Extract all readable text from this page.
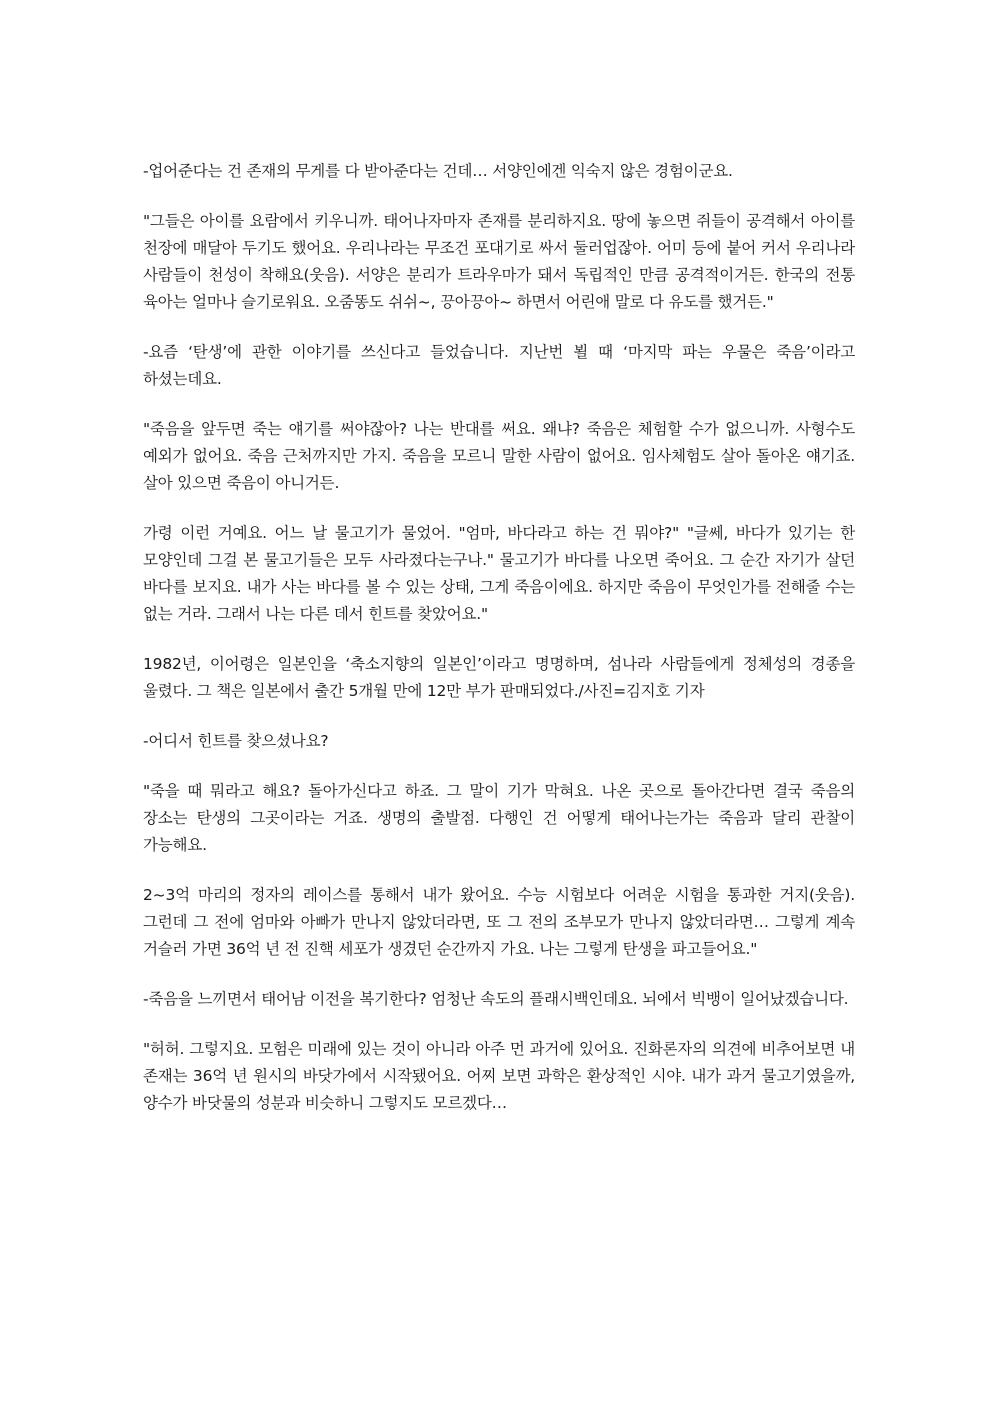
-업어준다는 건 존재의 무게를 다 받아준다는 건데… 서양인에겐 익숙지 않은 경험이군요.

"그들은 아이를 요람에서 키우니까. 태어나자마자 존재를 분리하지요. 땅에 놓으면 쥐들이 공격해서 아이를 천장에 매달아 두기도 했어요. 우리나라는 무조건 포대기로 싸서 둘러업잖아. 어미 등에 붙어 커서 우리나라 사람들이 천성이 착해요(웃음). 서양은 분리가 트라우마가 돼서 독립적인 만큼 공격적이거든. 한국의 전통 육아는 얼마나 슬기로워요. 오줌똥도 쉬쉬~, 끙아끙아~ 하면서 어린애 말로 다 유도를 했거든."

-요즘 ‘탄생’에 관한 이야기를 쓰신다고 들었습니다. 지난번 뵐 때 ‘마지막 파는 우물은 죽음’이라고 하셨는데요.

"죽음을 앞두면 죽는 얘기를 써야잖아? 나는 반대를 써요. 왜냐? 죽음은 체험할 수가 없으니까. 사형수도 예외가 없어요. 죽음 근처까지만 가지. 죽음을 모르니 말한 사람이 없어요. 임사체험도 살아 돌아온 얘기죠. 살아 있으면 죽음이 아니거든.

가령 이런 거예요. 어느 날 물고기가 물었어. "엄마, 바다라고 하는 건 뭐야?" "글쎄, 바다가 있기는 한 모양인데 그걸 본 물고기들은 모두 사라졌다는구나." 물고기가 바다를 나오면 죽어요. 그 순간 자기가 살던 바다를 보지요. 내가 사는 바다를 볼 수 있는 상태, 그게 죽음이에요. 하지만 죽음이 무엇인가를 전해줄 수는 없는 거라. 그래서 나는 다른 데서 힌트를 찾았어요."

1982년, 이어령은 일본인을 ‘축소지향의 일본인’이라고 명명하며, 섬나라 사람들에게 정체성의 경종을 울렸다. 그 책은 일본에서 출간 5개월 만에 12만 부가 판매되었다./사진=김지호 기자

-어디서 힌트를 찾으셨나요?

"죽을 때 뭐라고 해요? 돌아가신다고 하죠. 그 말이 기가 막혀요. 나온 곳으로 돌아간다면 결국 죽음의 장소는 탄생의 그곳이라는 거죠. 생명의 출발점. 다행인 건 어떻게 태어나는가는 죽음과 달리 관찰이 가능해요.

2~3억 마리의 정자의 레이스를 통해서 내가 왔어요. 수능 시험보다 어려운 시험을 통과한 거지(웃음). 그런데 그 전에 엄마와 아빠가 만나지 않았더라면, 또 그 전의 조부모가 만나지 않았더라면… 그렇게 계속 거슬러 가면 36억 년 전 진핵 세포가 생겼던 순간까지 가요. 나는 그렇게 탄생을 파고들어요."

-죽음을 느끼면서 태어남 이전을 복기한다? 엄청난 속도의 플래시백인데요. 뇌에서 빅뱅이 일어났겠습니다.

"허허. 그렇지요. 모험은 미래에 있는 것이 아니라 아주 먼 과거에 있어요. 진화론자의 의견에 비추어보면 내 존재는 36억 년 원시의 바닷가에서 시작됐어요. 어찌 보면 과학은 환상적인 시야. 내가 과거 물고기였을까, 양수가 바닷물의 성분과 비슷하니 그렇지도 모르겠다…
